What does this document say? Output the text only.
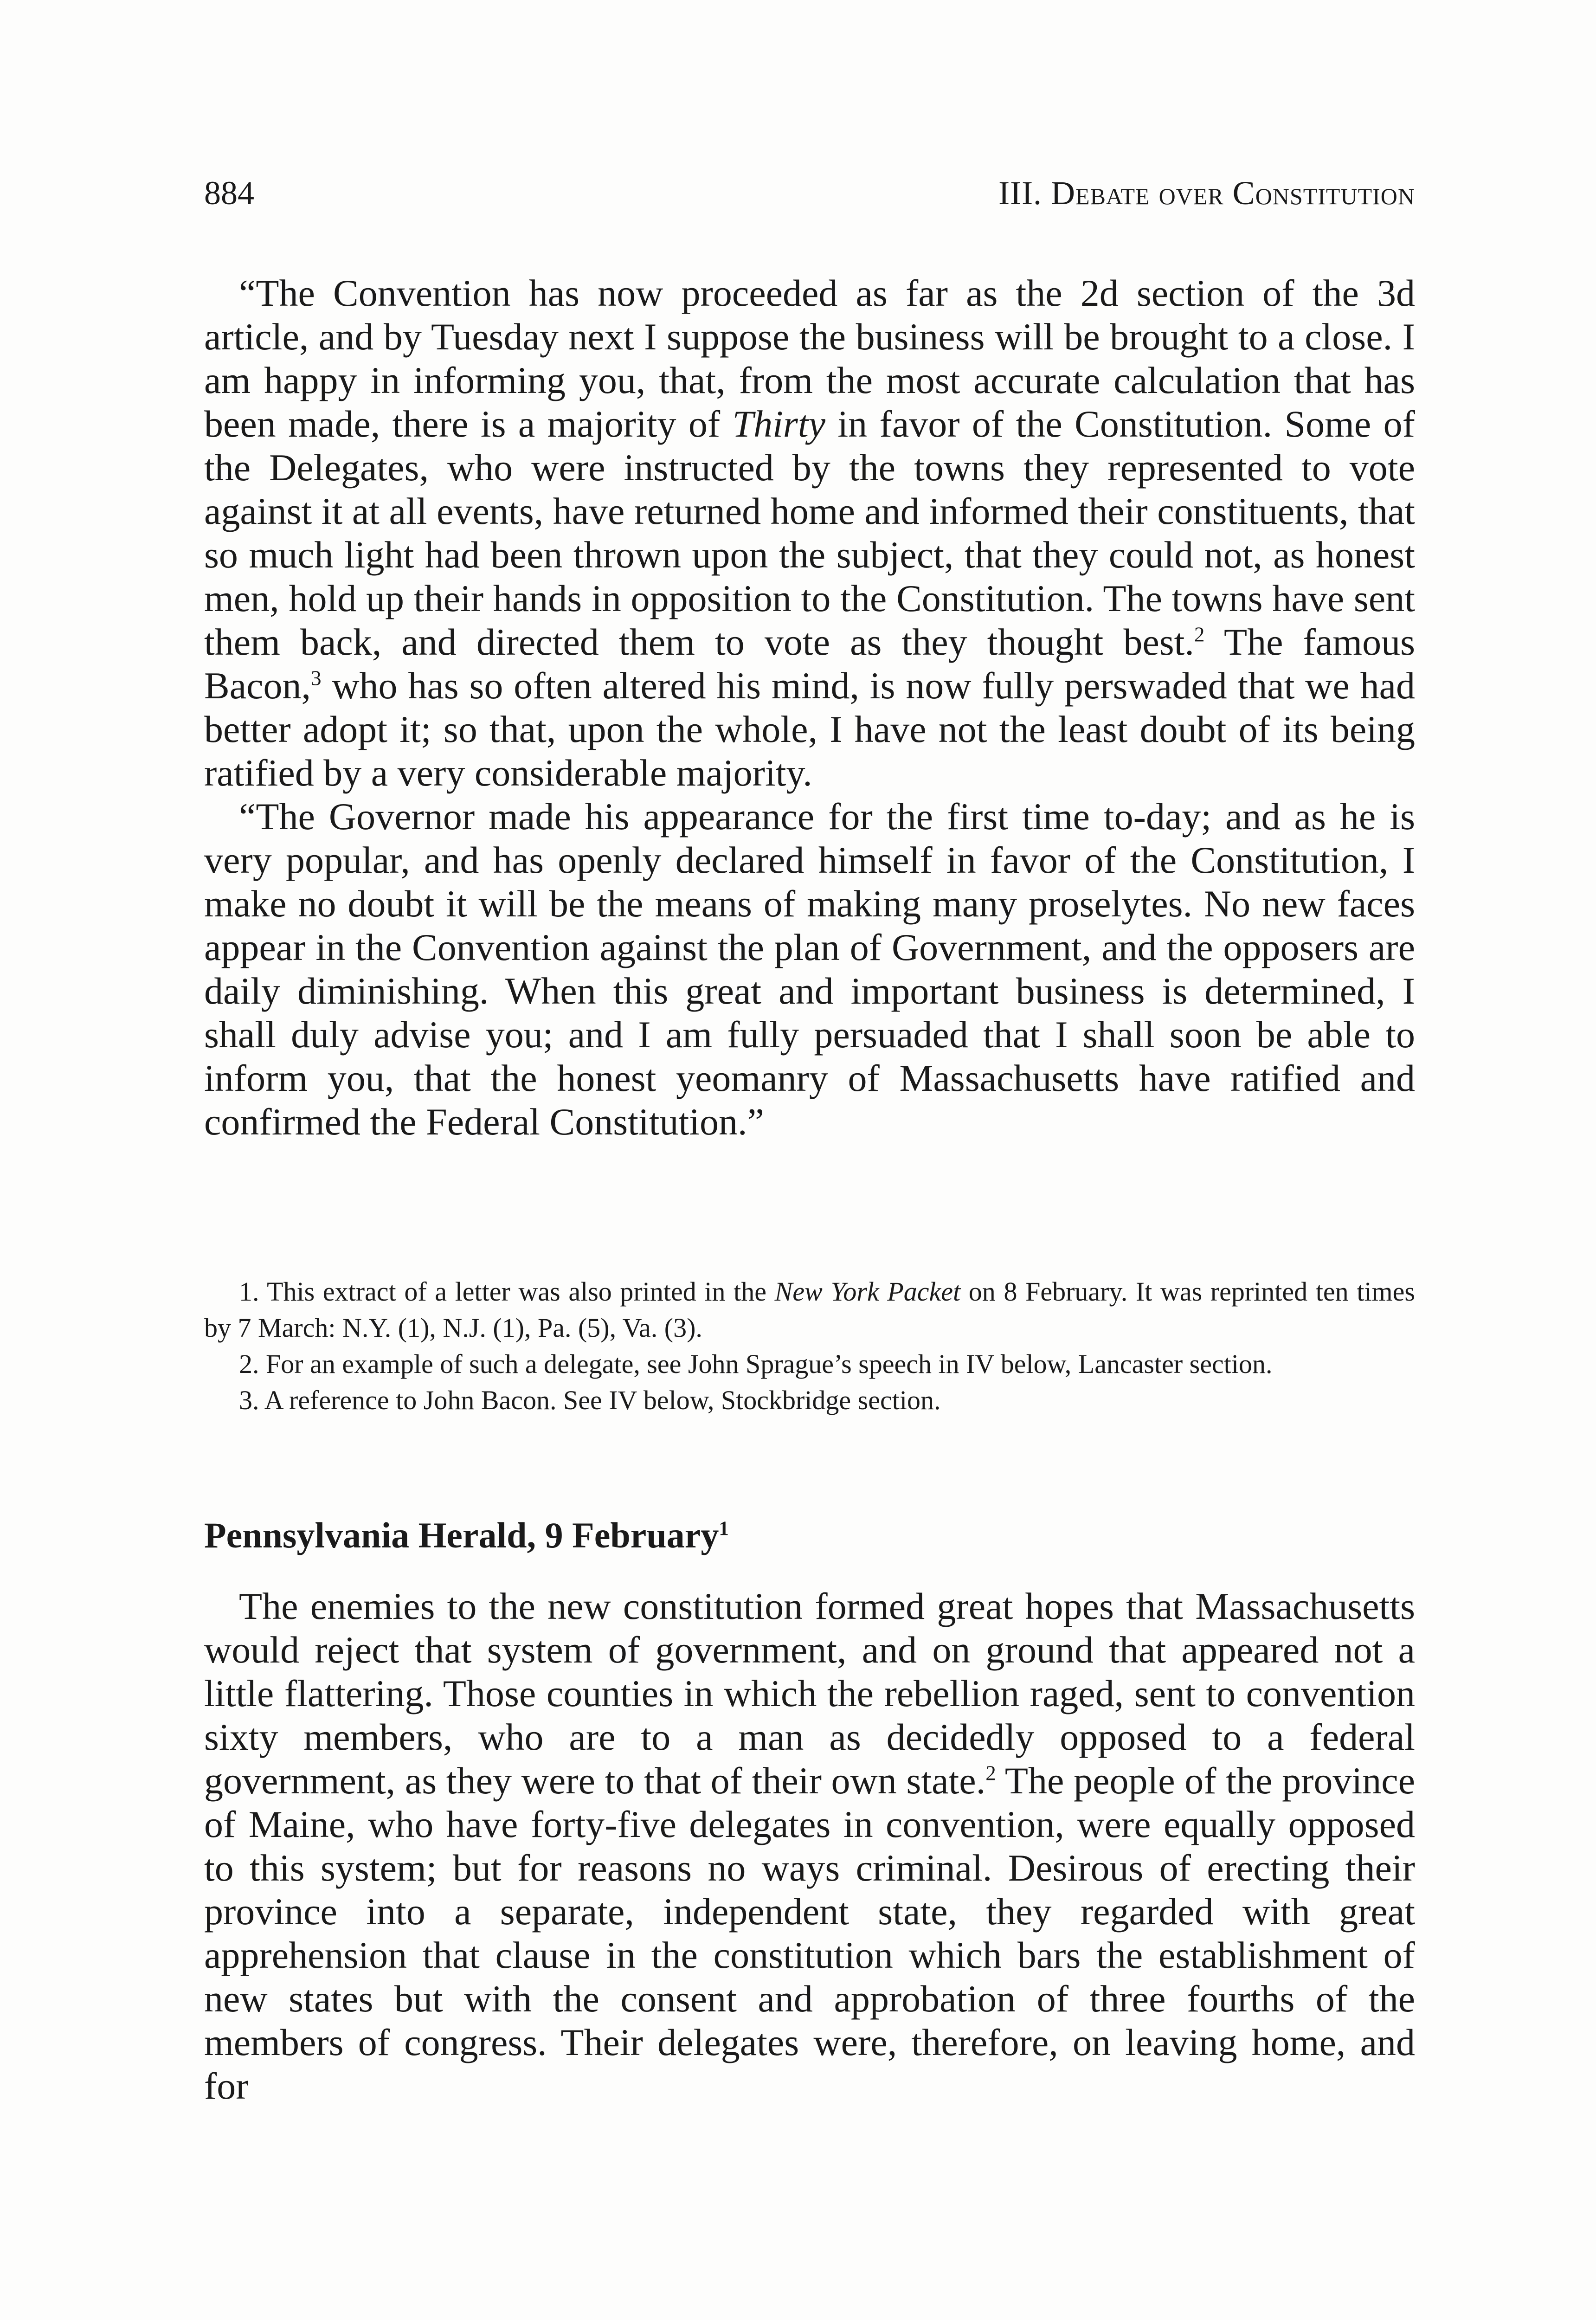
884	III. Debate over Constitution

“The Convention has now proceeded as far as the 2d section of the 3d article, and by Tuesday next I suppose the business will be brought to a close. I am happy in informing you, that, from the most accurate calculation that has been made, there is a majority of Thirty in favor of the Constitution. Some of the Delegates, who were instructed by the towns they represented to vote against it at all events, have returned home and informed their constituents, that so much light had been thrown upon the subject, that they could not, as honest men, hold up their hands in opposition to the Constitution. The towns have sent them back, and directed them to vote as they thought best.$^2$ The famous Bacon,$^3$ who has so often altered his mind, is now fully perswaded that we had better adopt it; so that, upon the whole, I have not the least doubt of its being ratified by a very considerable majority.

“The Governor made his appearance for the first time to-day; and as he is very popular, and has openly declared himself in favor of the Constitution, I make no doubt it will be the means of making many proselytes. No new faces appear in the Convention against the plan of Government, and the opposers are daily diminishing. When this great and important business is determined, I shall duly advise you; and I am fully persuaded that I shall soon be able to inform you, that the honest yeomanry of Massachusetts have ratified and confirmed the Federal Constitution.”

1. This extract of a letter was also printed in the New York Packet on 8 February. It was reprinted ten times by 7 March: N.Y. (1), N.J. (1), Pa. (5), Va. (3).

2. For an example of such a delegate, see John Sprague’s speech in IV below, Lancaster section.

3. A reference to John Bacon. See IV below, Stockbridge section.

Pennsylvania Herald, 9 February$^1$

The enemies to the new constitution formed great hopes that Massachusetts would reject that system of government, and on ground that appeared not a little flattering. Those counties in which the rebellion raged, sent to convention sixty members, who are to a man as decidedly opposed to a federal government, as they were to that of their own state.$^2$ The people of the province of Maine, who have forty-five delegates in convention, were equally opposed to this system; but for reasons no ways criminal. Desirous of erecting their province into a separate, independent state, they regarded with great apprehension that clause in the constitution which bars the establishment of new states but with the consent and approbation of three fourths of the members of congress. Their delegates were, therefore, on leaving home, and for
